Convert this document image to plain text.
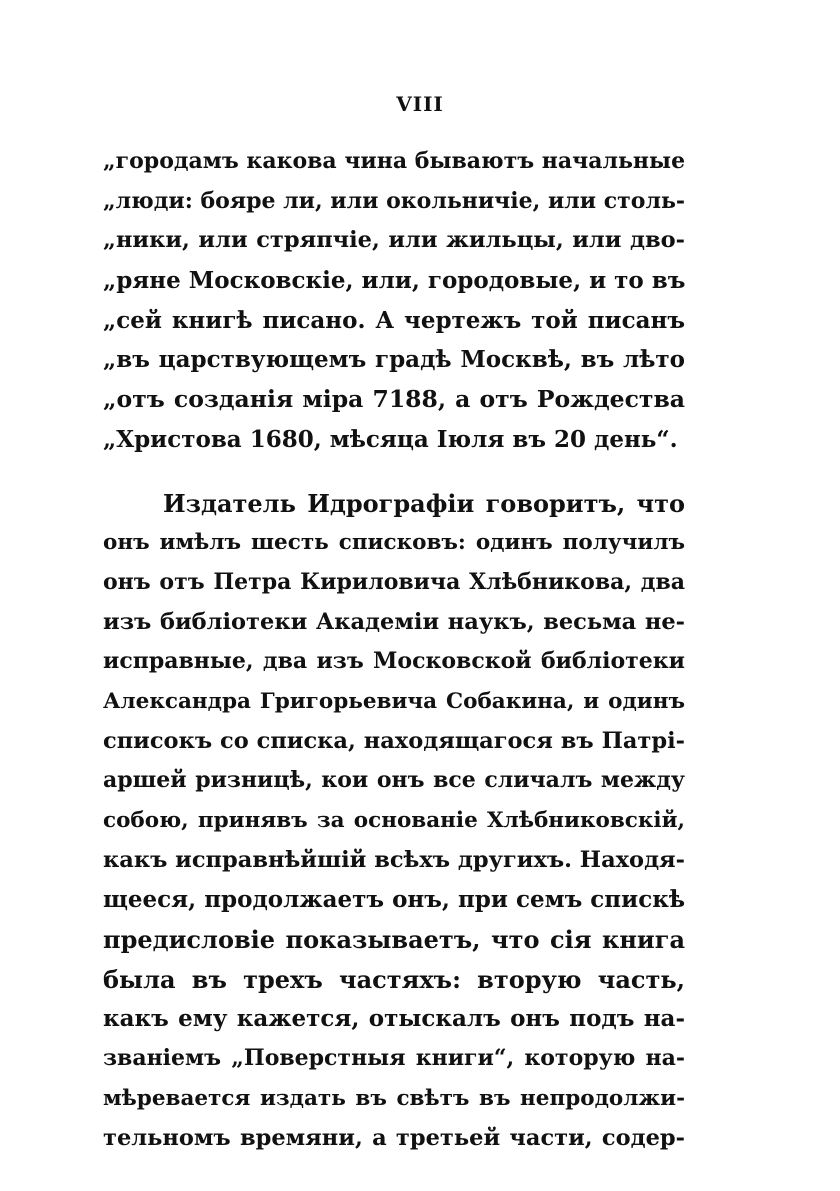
VIII
„городамъ какова чина бываютъ начальные
„люди: бояре ли, или окольничіе, или столь-
„ники, или стряпчіе, или жильцы, или дво-
„ряне Московскіе, или, городовые, и то въ
„сей книгѣ писано. А чертежъ той писанъ
„въ царствующемъ градѣ Москвѣ, въ лѣто
„отъ созданія міра 7188, а отъ Рождества
„Христова 1680, мѣсяца Іюля въ 20 день“.
Издатель Идрографіи говоритъ, что
онъ имѣлъ шесть списковъ: одинъ получилъ
онъ отъ Петра Кириловича Хлѣбникова, два
изъ библіотеки Академіи наукъ, весьма не-
исправные, два изъ Московской библіотеки
Александра Григорьевича Собакина, и одинъ
списокъ со списка, находящагося въ Патрі-
аршей ризницѣ, кои онъ все сличалъ между
собою, принявъ за основаніе Хлѣбниковскій,
какъ исправнѣйшій всѣхъ другихъ. Находя-
щееся, продолжаетъ онъ, при семъ спискѣ
предисловіе показываетъ, что сія книга
была въ трехъ частяхъ: вторую часть,
какъ ему кажется, отыскалъ онъ подъ на-
званіемъ „Поверстныя книги“, которую на-
мѣревается издать въ свѣтъ въ непродолжи-
тельномъ времяни, а третьей части, содер-
